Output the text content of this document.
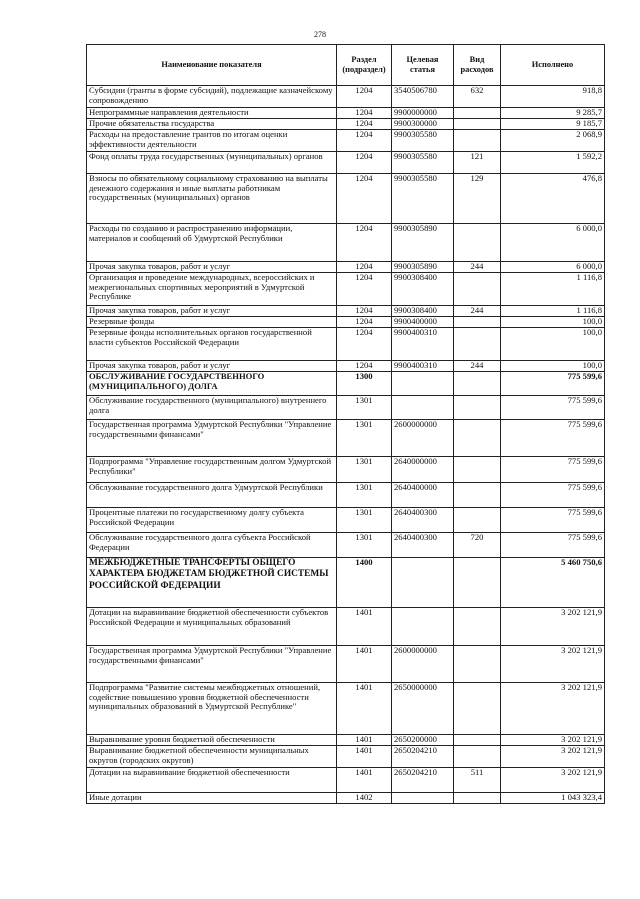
278
Наименование показателя	Раздел (подраздел)	Целевая статья	Вид расходов	Исполнено
Субсидии (гранты в форме субсидий), подлежащие казначейскому сопровождению	1204	3540506780	632	918,8
Непрограммные направления деятельности	1204	9900000000		9 285,7
Прочие обязательства государства	1204	9900300000		9 185,7
Расходы на предоставление грантов по итогам оценки эффективности деятельности	1204	9900305580		2 068,9
Фонд оплаты труда государственных (муниципальных) органов	1204	9900305580	121	1 592,2
Взносы по обязательному социальному страхованию на выплаты денежного содержания и иные выплаты работникам государственных (муниципальных) органов	1204	9900305580	129	476,8
Расходы по созданию и распространению информации, материалов и сообщений об Удмуртской Республики	1204	9900305890		6 000,0
Прочая закупка товаров, работ и услуг	1204	9900305890	244	6 000,0
Организация и проведение международных, всероссийских и межрегиональных спортивных мероприятий в Удмуртской Республике	1204	9900308400		1 116,8
Прочая закупка товаров, работ и услуг	1204	9900308400	244	1 116,8
Резервные фонды	1204	9900400000		100,0
Резервные фонды исполнительных органов государственной власти субъектов Российской Федерации	1204	9900400310		100,0
Прочая закупка товаров, работ и услуг	1204	9900400310	244	100,0
ОБСЛУЖИВАНИЕ ГОСУДАРСТВЕННОГО (МУНИЦИПАЛЬНОГО) ДОЛГА	1300			775 599,6
Обслуживание государственного (муниципального) внутреннего долга	1301			775 599,6
Государственная программа Удмуртской Республики "Управление государственными финансами"	1301	2600000000		775 599,6
Подпрограмма "Управление государственным долгом Удмуртской Республики"	1301	2640000000		775 599,6
Обслуживание государственного долга Удмуртской Республики	1301	2640400000		775 599,6
Процентные платежи по государственному долгу субъекта Российской Федерации	1301	2640400300		775 599,6
Обслуживание государственного долга субъекта Российской Федерации	1301	2640400300	720	775 599,6
МЕЖБЮДЖЕТНЫЕ ТРАНСФЕРТЫ ОБЩЕГО ХАРАКТЕРА БЮДЖЕТАМ БЮДЖЕТНОЙ СИСТЕМЫ РОССИЙСКОЙ ФЕДЕРАЦИИ	1400			5 460 750,6
Дотации на выравнивание бюджетной обеспеченности субъектов Российской Федерации и муниципальных образований	1401			3 202 121,9
Государственная программа Удмуртской Республики "Управление государственными финансами"	1401	2600000000		3 202 121,9
Подпрограмма "Развитие системы межбюджетных отношений, содействие повышению уровня бюджетной обеспеченности муниципальных образований в Удмуртской Республике"	1401	2650000000		3 202 121,9
Выравнивание уровня бюджетной обеспеченности	1401	2650200000		3 202 121,9
Выравнивание бюджетной обеспеченности муниципальных округов (городских округов)	1401	2650204210		3 202 121,9
Дотации на выравнивание бюджетной обеспеченности	1401	2650204210	511	3 202 121,9
Иные дотации	1402			1 043 323,4
